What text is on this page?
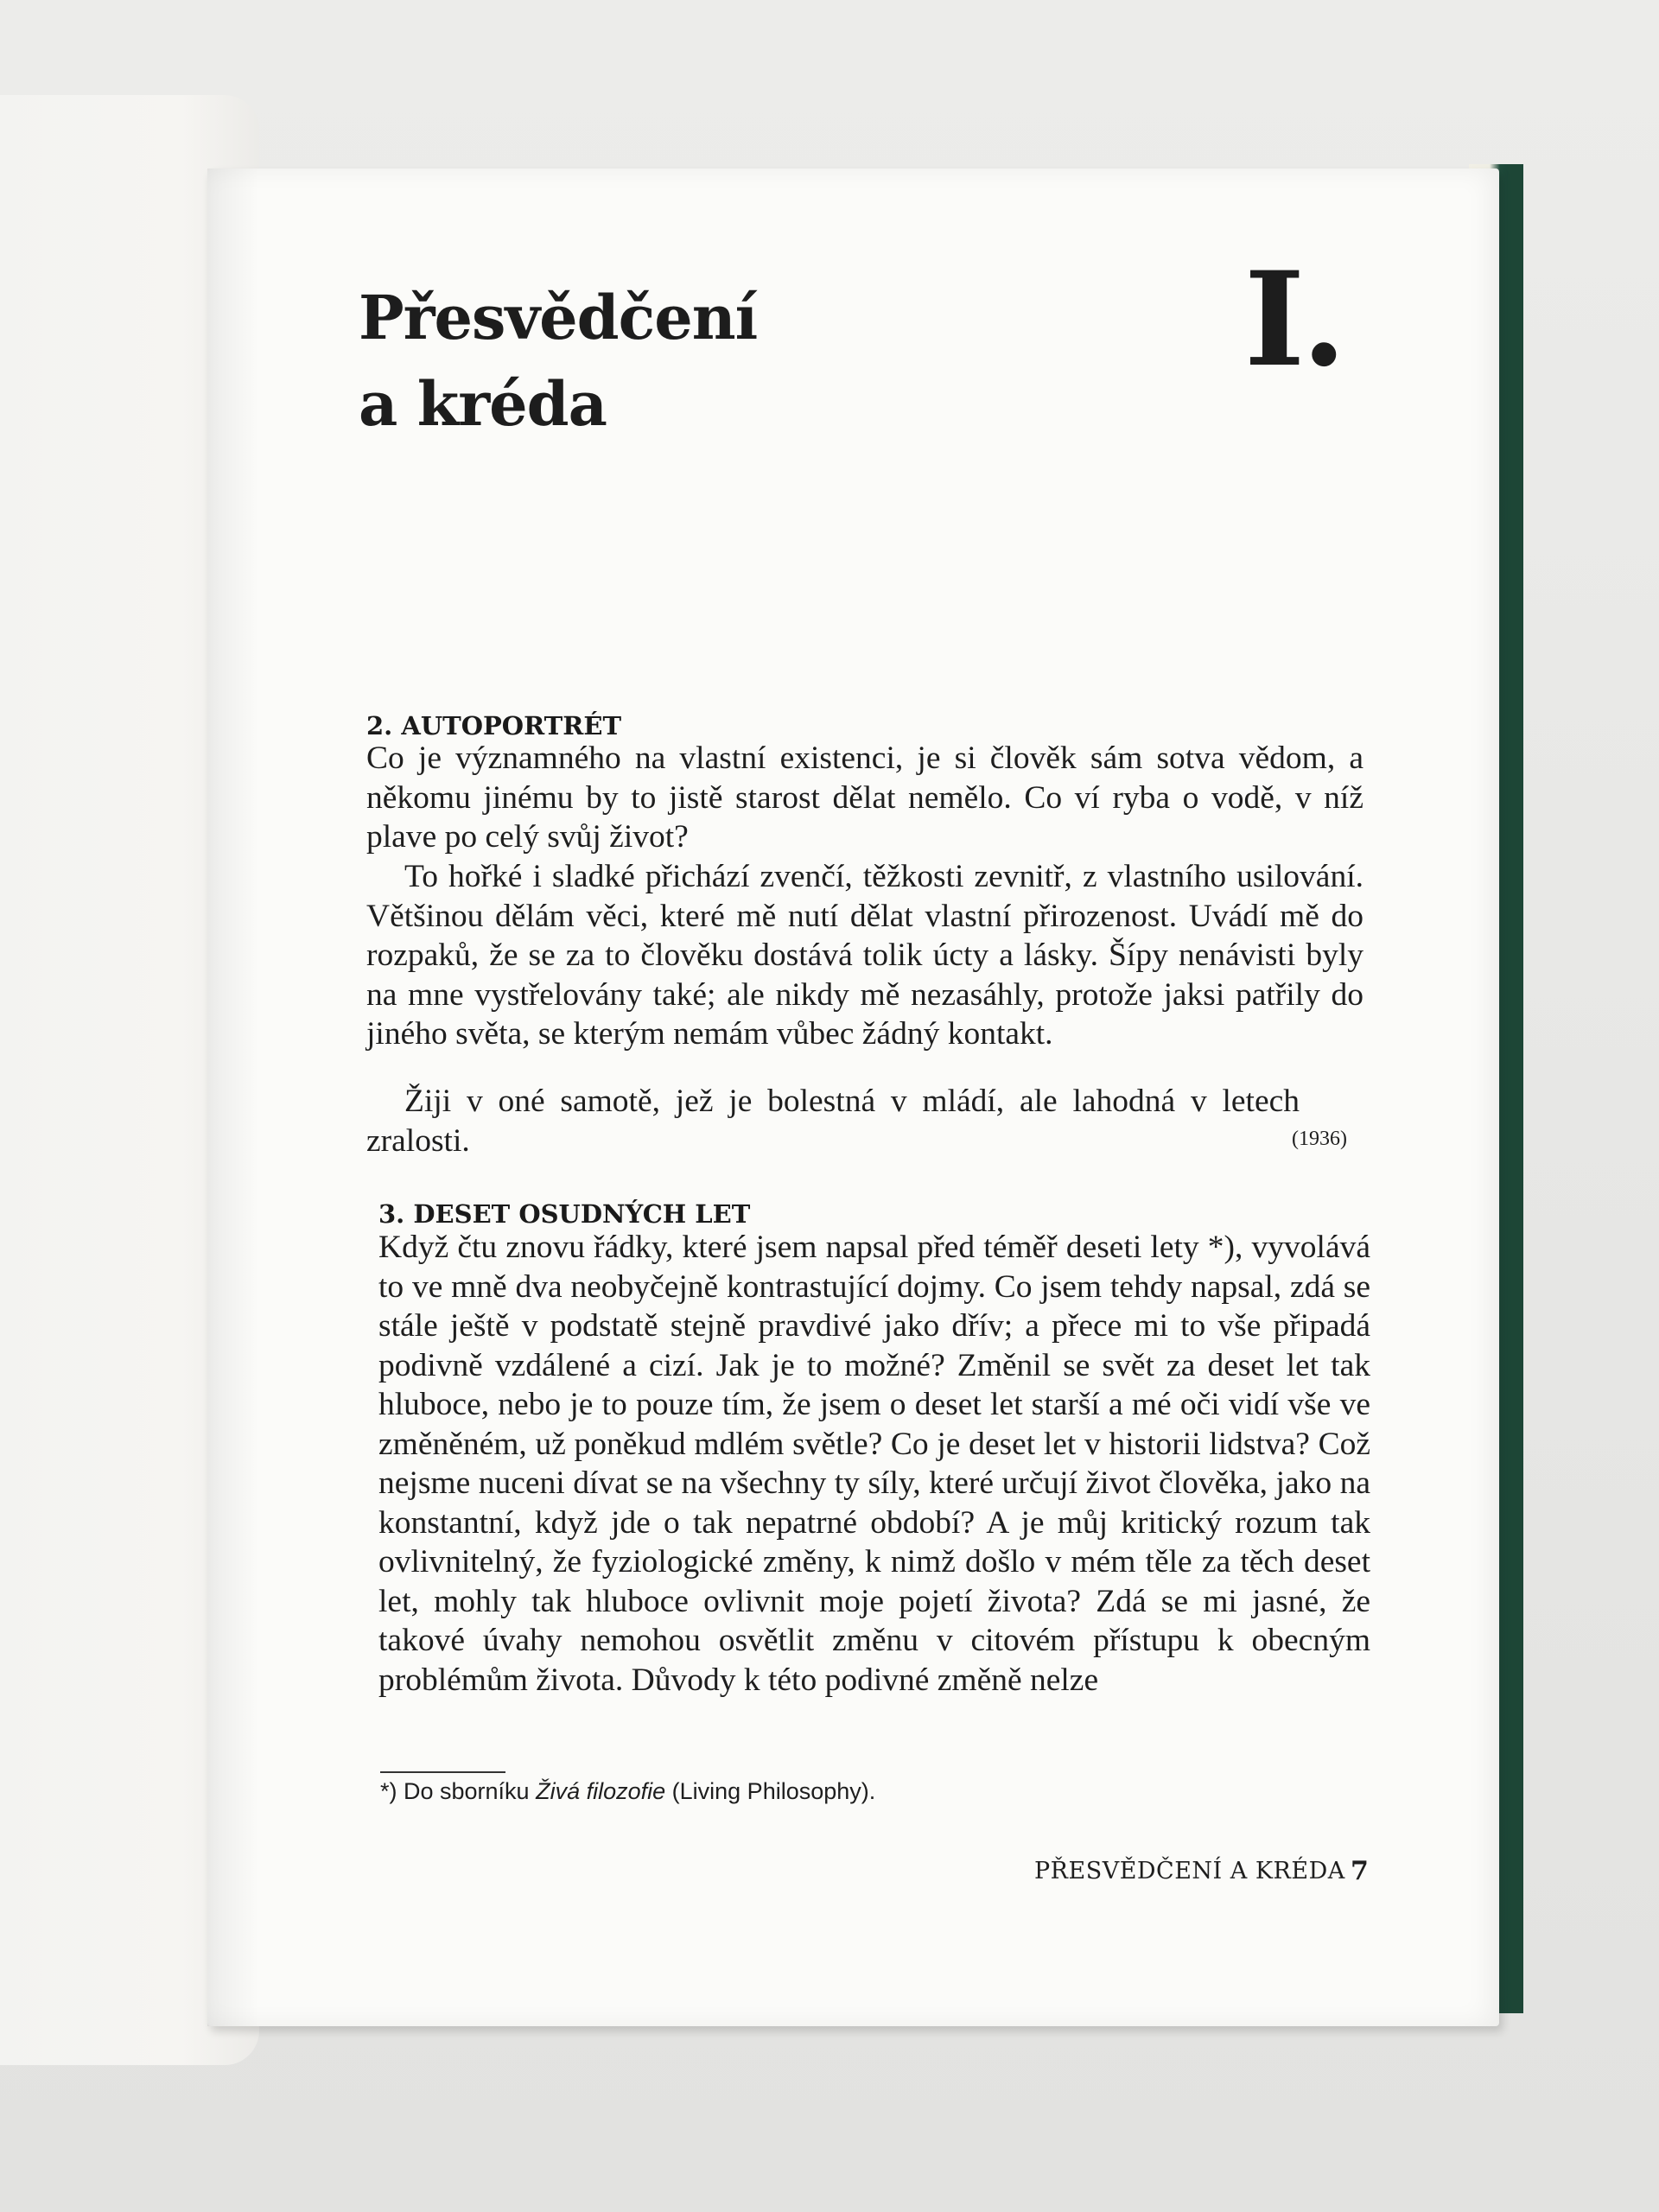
Přesvědčení
a kréda
I.
2. AUTOPORTRÉT

Co je významného na vlastní existenci, je si člověk sám sotva vědom, a někomu jinému by to jistě starost dělat nemělo. Co ví ryba o vodě, v níž plave po celý svůj život?

To hořké i sladké přichází zvenčí, těžkosti zevnitř, z vlastního usilování. Většinou dělám věci, které mě nutí dělat vlastní přirozenost. Uvádí mě do rozpaků, že se za to člověku dostává tolik úcty a lásky. Šípy nenávisti byly na mne vystřelovány také; ale nikdy mě nezasáhly, protože jaksi patřily do jiného světa, se kterým nemám vůbec žádný kontakt.

Žiji v oné samotě, jež je bolestná v mládí, ale lahodná v letech zralosti.	(1936)
3. DESET OSUDNÝCH LET

Když čtu znovu řádky, které jsem napsal před téměř deseti lety *), vyvolává to ve mně dva neobyčejně kontrastující dojmy. Co jsem tehdy napsal, zdá se stále ještě v podstatě stejně pravdivé jako dřív; a přece mi to vše připadá podivně vzdálené a cizí. Jak je to možné? Změnil se svět za deset let tak hluboce, nebo je to pouze tím, že jsem o deset let starší a mé oči vidí vše ve změněném, už poněkud mdlém světle? Co je deset let v historii lidstva? Což nejsme nuceni dívat se na všechny ty síly, které určují život člověka, jako na konstantní, když jde o tak nepatrné období? A je můj kritický rozum tak ovlivnitelný, že fyziologické změny, k nimž došlo v mém těle za těch deset let, mohly tak hluboce ovlivnit moje pojetí života? Zdá se mi jasné, že takové úvahy nemohou osvětlit změnu v citovém přístupu k obecným problémům života. Důvody k této podivné změně nelze

*) Do sborníku Živá filozofie (Living Philosophy).
PŘESVĚDČENÍ A KRÉDA 7
